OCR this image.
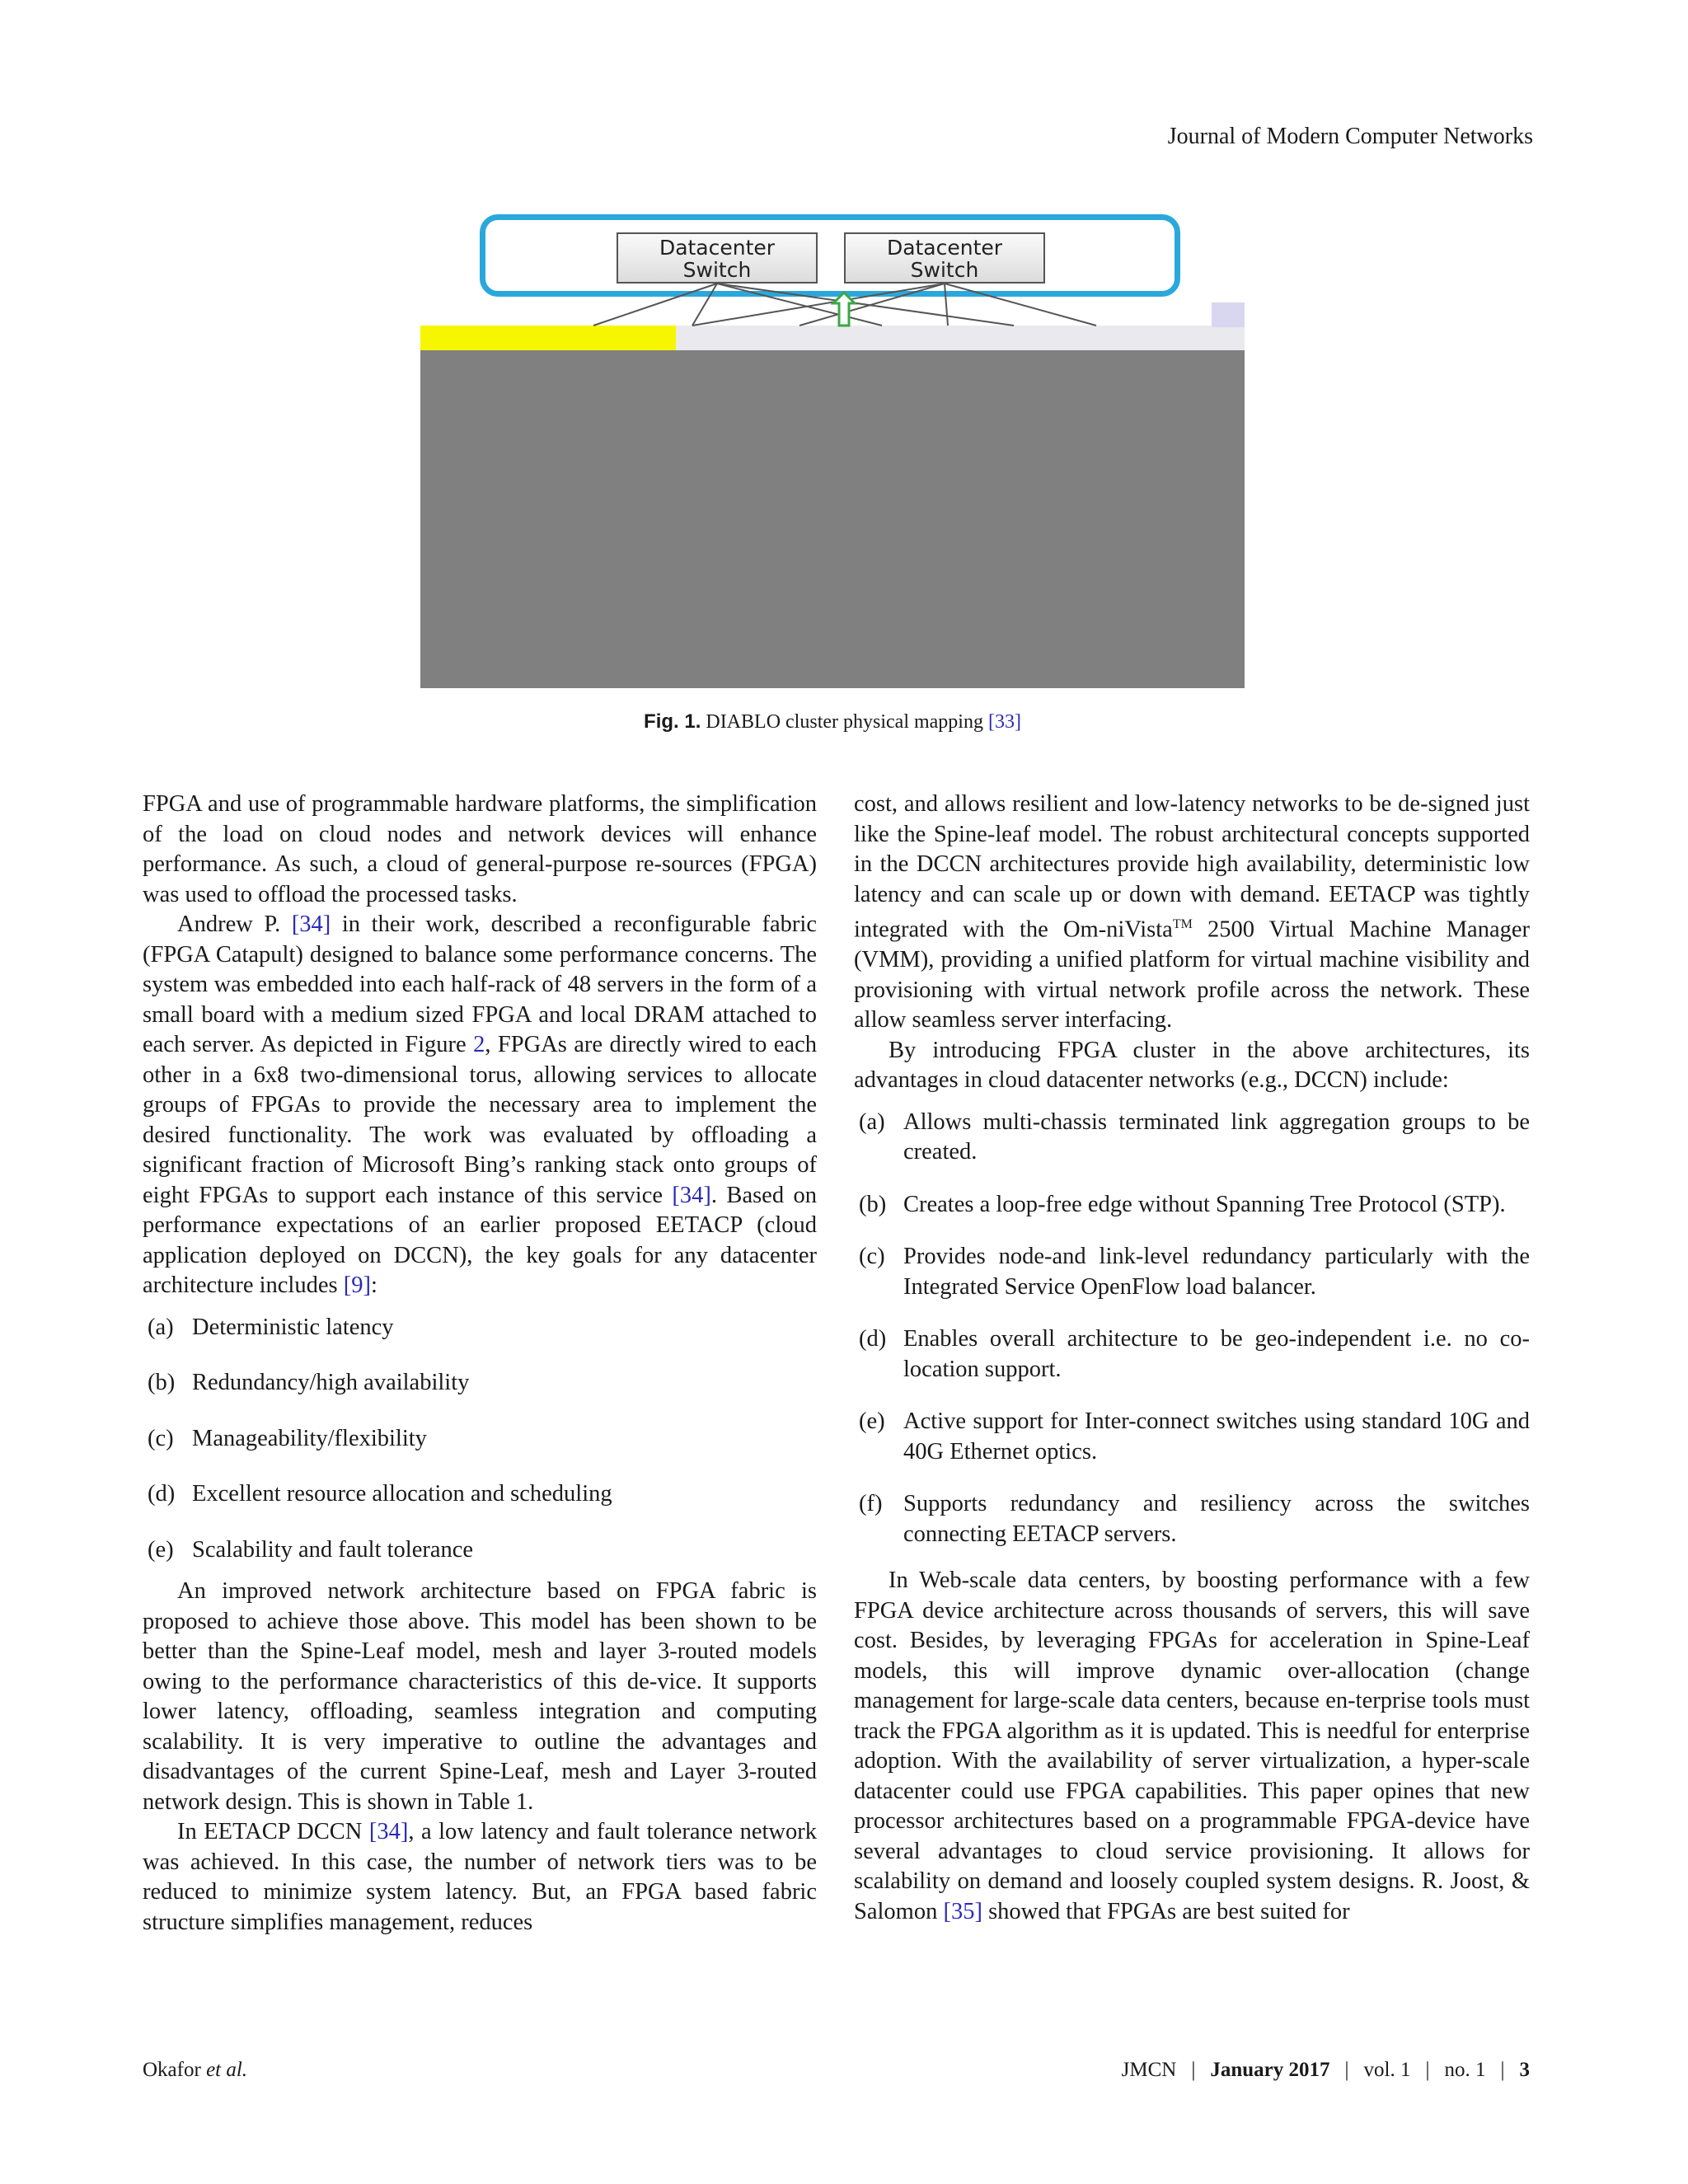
Journal of Modern Computer Networks
Datacenter
Switch
Datacenter
Switch
Fig. 1. DIABLO cluster physical mapping [33]

FPGA and use of programmable hardware platforms, the simplification of the load on cloud nodes and network devices will enhance performance. As such, a cloud of general-purpose re-sources (FPGA) was used to offload the processed tasks.

Andrew P. [34] in their work, described a reconfigurable fabric (FPGA Catapult) designed to balance some performance concerns. The system was embedded into each half-rack of 48 servers in the form of a small board with a medium sized FPGA and local DRAM attached to each server. As depicted in Figure 2, FPGAs are directly wired to each other in a 6x8 two-dimensional torus, allowing services to allocate groups of FPGAs to provide the necessary area to implement the desired functionality. The work was evaluated by offloading a significant fraction of Microsoft Bing’s ranking stack onto groups of eight FPGAs to support each instance of this service [34]. Based on performance expectations of an earlier proposed EETACP (cloud application deployed on DCCN), the key goals for any datacenter architecture includes [9]:

(a) Deterministic latency
(b) Redundancy/high availability
(c) Manageability/flexibility
(d) Excellent resource allocation and scheduling
(e) Scalability and fault tolerance

An improved network architecture based on FPGA fabric is proposed to achieve those above. This model has been shown to be better than the Spine-Leaf model, mesh and layer 3-routed models owing to the performance characteristics of this de-vice. It supports lower latency, offloading, seamless integration and computing scalability. It is very imperative to outline the advantages and disadvantages of the current Spine-Leaf, mesh and Layer 3-routed network design. This is shown in Table 1.

In EETACP DCCN [34], a low latency and fault tolerance network was achieved. In this case, the number of network tiers was to be reduced to minimize system latency. But, an FPGA based fabric structure simplifies management, reduces

cost, and allows resilient and low-latency networks to be de-signed just like the Spine-leaf model. The robust architectural concepts supported in the DCCN architectures provide high availability, deterministic low latency and can scale up or down with demand. EETACP was tightly integrated with the Om-niVista™ 2500 Virtual Machine Manager (VMM), providing a unified platform for virtual machine visibility and provisioning with virtual network profile across the network. These allow seamless server interfacing.

By introducing FPGA cluster in the above architectures, its advantages in cloud datacenter networks (e.g., DCCN) include:

(a) Allows multi-chassis terminated link aggregation groups to be created.
(b) Creates a loop-free edge without Spanning Tree Protocol (STP).
(c) Provides node-and link-level redundancy particularly with the Integrated Service OpenFlow load balancer.
(d) Enables overall architecture to be geo-independent i.e. no co-location support.
(e) Active support for Inter-connect switches using standard 10G and 40G Ethernet optics.
(f) Supports redundancy and resiliency across the switches connecting EETACP servers.

In Web-scale data centers, by boosting performance with a few FPGA device architecture across thousands of servers, this will save cost. Besides, by leveraging FPGAs for acceleration in Spine-Leaf models, this will improve dynamic over-allocation (change management for large-scale data centers, because en-terprise tools must track the FPGA algorithm as it is updated. This is needful for enterprise adoption. With the availability of server virtualization, a hyper-scale datacenter could use FPGA capabilities. This paper opines that new processor architectures based on a programmable FPGA-device have several advantages to cloud service provisioning. It allows for scalability on demand and loosely coupled system designs. R. Joost, & Salomon [35] showed that FPGAs are best suited for

Okafor et al.	JMCN | January 2017 | vol. 1 | no. 1 | 3
